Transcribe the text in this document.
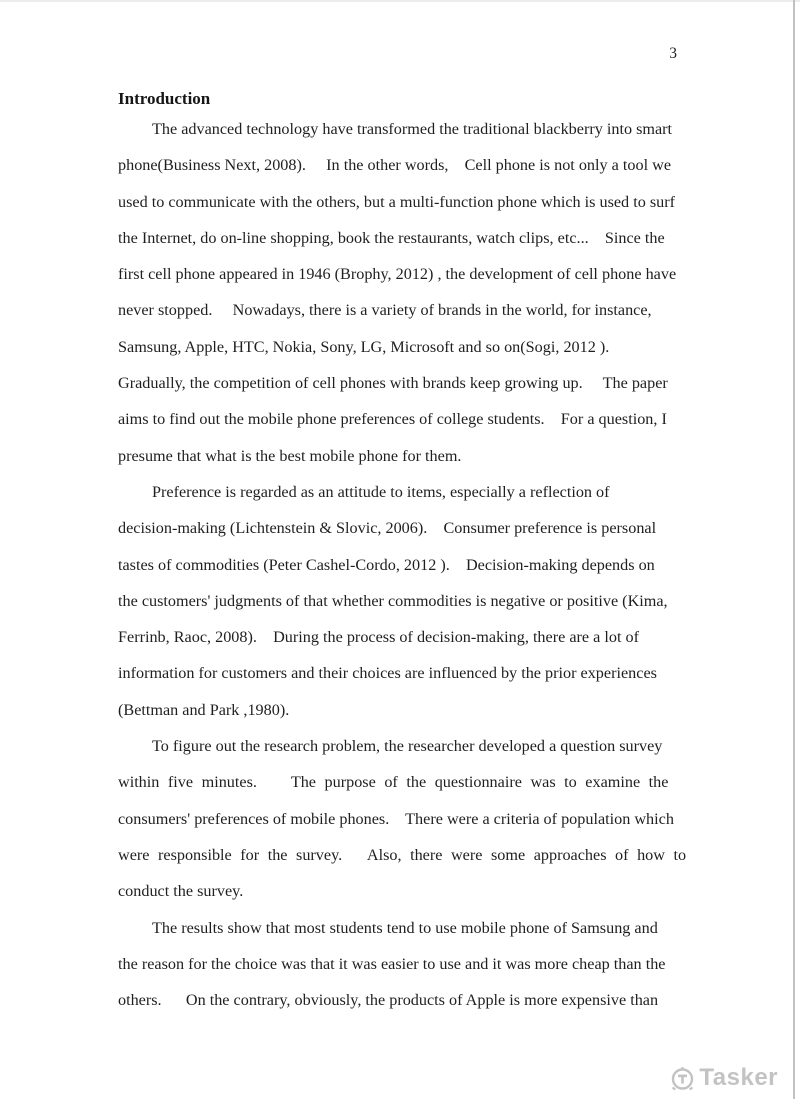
3
Introduction
The advanced technology have transformed the traditional blackberry into smart
phone(Business Next, 2008).     In the other words,    Cell phone is not only a tool we
used to communicate with the others, but a multi-function phone which is used to surf
the Internet, do on-line shopping, book the restaurants, watch clips, etc...    Since the
first cell phone appeared in 1946 (Brophy, 2012) , the development of cell phone have
never stopped.     Nowadays, there is a variety of brands in the world, for instance,
Samsung, Apple, HTC, Nokia, Sony, LG, Microsoft and so on(Sogi, 2012 ).
Gradually, the competition of cell phones with brands keep growing up.     The paper
aims to find out the mobile phone preferences of college students.    For a question, I
presume that what is the best mobile phone for them.
Preference is regarded as an attitude to items, especially a reflection of
decision-making (Lichtenstein & Slovic, 2006).    Consumer preference is personal
tastes of commodities (Peter Cashel-Cordo, 2012 ).    Decision-making depends on
the customers' judgments of that whether commodities is negative or positive (Kima,
Ferrinb, Raoc, 2008).    During the process of decision-making, there are a lot of
information for customers and their choices are influenced by the prior experiences
(Bettman and Park ,1980).
To figure out the research problem, the researcher developed a question survey
within five minutes.    The purpose of the questionnaire was to examine the
consumers' preferences of mobile phones.    There were a criteria of population which
were responsible for the survey.   Also, there were some approaches of how to
conduct the survey.
The results show that most students tend to use mobile phone of Samsung and
the reason for the choice was that it was easier to use and it was more cheap than the
others.      On the contrary, obviously, the products of Apple is more expensive than
Tasker
